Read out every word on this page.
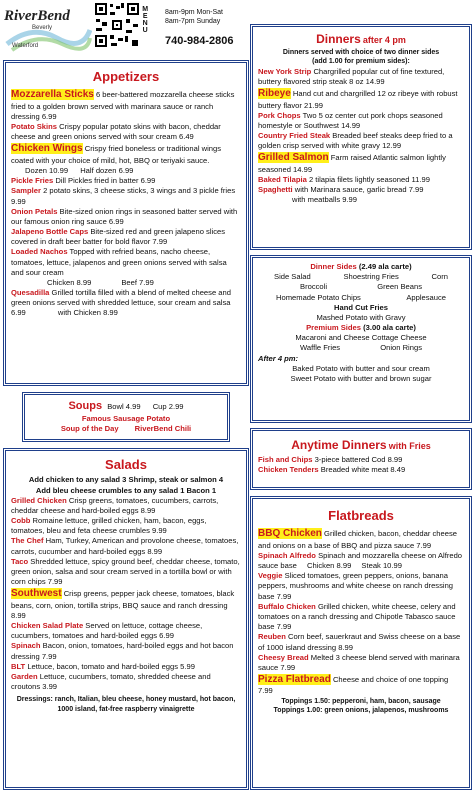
RiverBend
Beverly
Waterford
MENU 8am-9pm Mon-Sat
8am-7pm Sunday
740-984-2806
Appetizers

Mozzarella Sticks 6 beer-battered mozzarella cheese sticks fried to a golden brown served with marinara sauce or ranch dressing 6.99

Potato Skins Crispy popular potato skins with bacon, cheddar cheese and green onions served with sour cream 6.49

Chicken Wings Crispy fried boneless or traditional wings coated with your choice of mild, hot, BBQ or teriyaki sauce. Dozen 10.99 Half dozen 6.99

Pickle Fries Dill Pickles fried in batter 6.99

Sampler 2 potato skins, 3 cheese sticks, 3 wings and 3 pickle fries 9.99

Onion Petals Bite-sized onion rings in seasoned batter served with our famous onion ring sauce 6.99

Jalapeno Bottle Caps Bite-sized red and green jalapeno slices covered in draft beer batter for bold flavor 7.99

Loaded Nachos Topped with refried beans, nacho cheese, tomatoes, lettuce, jalapenos and green onions served with salsa and sour cream
Chicken 8.99	Beef 7.99

Quesadilla Grilled tortilla filled with a blend of melted cheese and green onions served with shredded lettuce, sour cream and salsa 6.99	with Chicken 8.99

Soups Bowl 4.99 Cup 2.99
Famous Sausage Potato
Soup of the Day RiverBend Chili
Salads

Add chicken to any salad 3 Shrimp, steak or salmon 4

Add bleu cheese crumbles to any salad 1 Bacon 1

Grilled Chicken Crisp greens, tomatoes, cucumbers, carrots, cheddar cheese and hard-boiled eggs 8.99

Cobb Romaine lettuce, grilled chicken, ham, bacon, eggs, tomatoes, bleu and feta cheese crumbles 9.99

The Chef Ham, Turkey, American and provolone cheese, tomatoes, carrots, cucumber and hard-boiled eggs 8.99

Taco Shredded lettuce, spicy ground beef, cheddar cheese, tomato, green onion, salsa and sour cream served in a tortilla bowl or with corn chips 7.99

Southwest Crisp greens, pepper jack cheese, tomatoes, black beans, corn, onion, tortilla strips, BBQ sauce and ranch dressing 8.99

Chicken Salad Plate Served on lettuce, cottage cheese, cucumbers, tomatoes and hard-boiled eggs 6.99

Spinach Bacon, onion, tomatoes, hard-boiled eggs and hot bacon dressing 7.99

BLT Lettuce, bacon, tomato and hard-boiled eggs 5.99

Garden Lettuce, cucumbers, tomato, shredded cheese and croutons 3.99

Dressings: ranch, Italian, bleu cheese, honey mustard, hot bacon, 1000 island, fat-free raspberry vinaigrette

Dinners after 4 pm

Dinners served with choice of two dinner sides

(add 1.00 for premium sides):

New York Strip Chargrilled popular cut of fine textured, buttery flavored strip steak 8 oz 14.99

Ribeye Hand cut and chargrilled 12 oz ribeye with robust buttery flavor 21.99

Pork Chops Two 5 oz center cut pork chops seasoned homestyle or Southwest 14.99

Country Fried Steak Breaded beef steaks deep fried to a golden crisp served with white gravy 12.99

Grilled Salmon Farm raised Atlantic salmon lightly seasoned 14.99

Baked Tilapia 2 tilapia filets lightly seasoned 11.99

Spaghetti with Marinara sauce, garlic bread 7.99
with meatballs 9.99

Dinner Sides (2.49 ala carte)

Side Salad	Shoestring Fries	Corn
Broccoli	Green Beans
Homemade Potato Chips	Applesauce

Hand Cut Fries

Mashed Potato with Gravy

Premium Sides (3.00 ala carte)

Macaroni and Cheese Cottage Cheese

Waffle Fries	Onion Rings

After 4 pm:

Baked Potato with butter and sour cream

Sweet Potato with butter and brown sugar

Anytime Dinners with Fries

Fish and Chips 3-piece battered Cod 8.99

Chicken Tenders Breaded white meat 8.49

Flatbreads

BBQ Chicken Grilled chicken, bacon, cheddar cheese and onions on a base of BBQ and pizza sauce 7.99

Spinach Alfredo Spinach and mozzarella cheese on Alfredo sauce base Chicken 8.99 Steak 10.99

Veggie Sliced tomatoes, green peppers, onions, banana peppers, mushrooms and white cheese on ranch dressing base 7.99

Buffalo Chicken Grilled chicken, white cheese, celery and tomatoes on a ranch dressing and Chipotle Tabasco sauce base 7.99

Reuben Corn beef, sauerkraut and Swiss cheese on a base of 1000 island dressing 8.99

Cheesy Bread Melted 3 cheese blend served with marinara sauce 7.99

Pizza Flatbread Cheese and choice of one topping 7.99

Toppings 1.50: pepperoni, ham, bacon, sausage

Toppings 1.00: green onions, jalapenos, mushrooms
